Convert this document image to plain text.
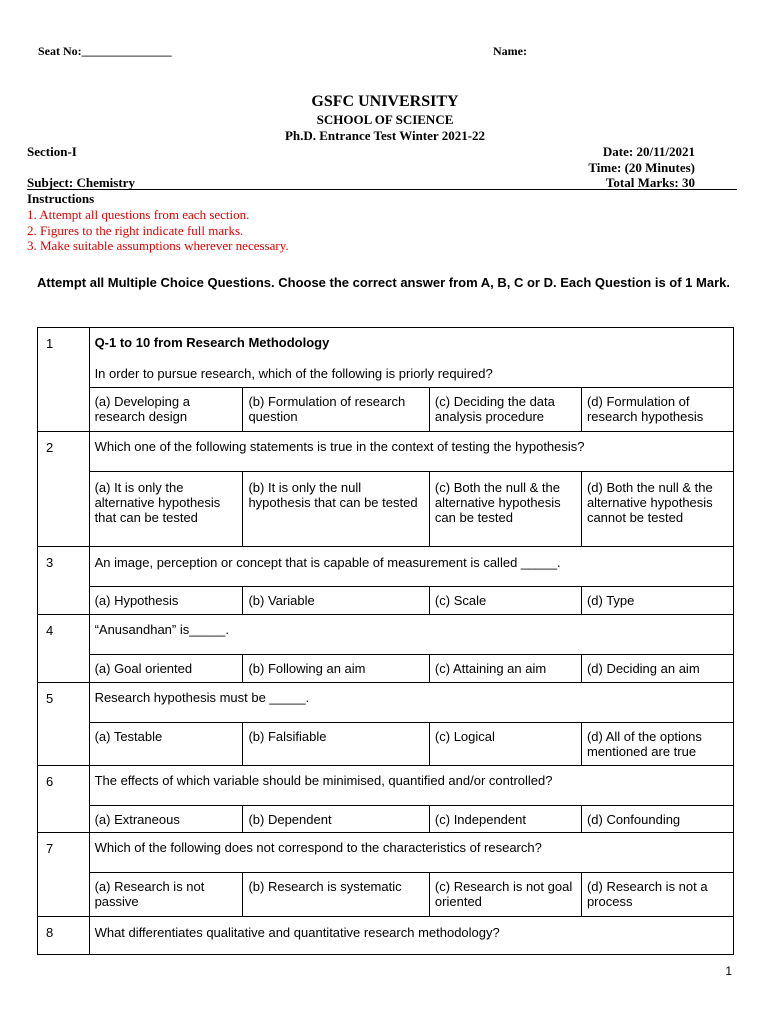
Seat No:_______________	Name:
GSFC UNIVERSITY
SCHOOL OF SCIENCE
Ph.D. Entrance Test Winter 2021-22
Section-I	Date: 20/11/2021
Time: (20 Minutes)
Subject: Chemistry	Total Marks: 30
Instructions
1. Attempt all questions from each section.
2. Figures to the right indicate full marks.
3. Make suitable assumptions wherever necessary.
Attempt all Multiple Choice Questions. Choose the correct answer from A, B, C or D. Each Question is of 1 Mark.
1	Q-1 to 10 from Research Methodology
In order to pursue research, which of the following is priorly required?			

	(a) Developing a research design	(b) Formulation of research question	(c) Deciding the data analysis procedure	(d) Formulation of research hypothesis
2	Which one of the following statements is true in the context of testing the hypothesis?			
	(a) It is only the alternative hypothesis that can be tested	(b) It is only the null hypothesis that can be tested	(c) Both the null & the alternative hypothesis can be tested	(d) Both the null & the alternative hypothesis cannot be tested
3	An image, perception or concept that is capable of measurement is called _____.			
	(a) Hypothesis	(b) Variable	(c) Scale	(d) Type
4	“Anusandhan” is_____.			
	(a) Goal oriented	(b) Following an aim	(c) Attaining an aim	(d) Deciding an aim
5	Research hypothesis must be _____.			
	(a) Testable	(b) Falsifiable	(c) Logical	(d) All of the options mentioned are true
6	The effects of which variable should be minimised, quantified and/or controlled?			
	(a) Extraneous	(b) Dependent	(c) Independent	(d) Confounding
7	Which of the following does not correspond to the characteristics of research?			
	(a) Research is not passive	(b) Research is systematic	(c) Research is not goal oriented	(d) Research is not a process
8	What differentiates qualitative and quantitative research methodology?			
1
